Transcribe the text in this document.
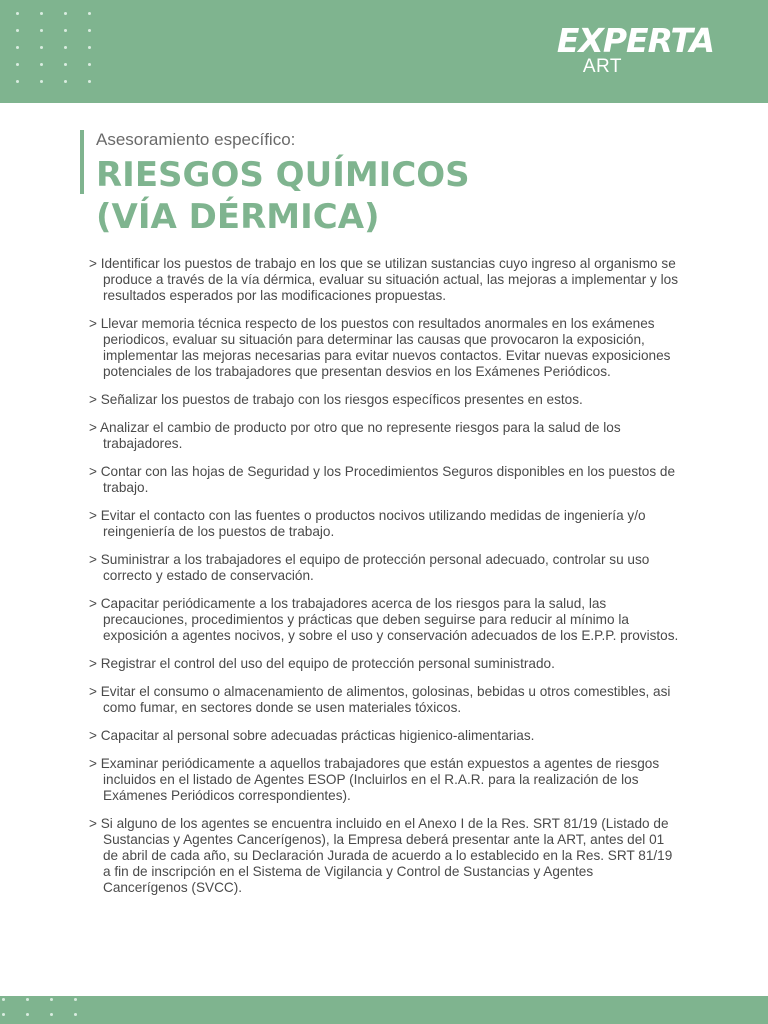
EXPERTA
ART
Asesoramiento específico:
RIESGOS QUÍMICOS
(VÍA DÉRMICA)
> Identificar los puestos de trabajo en los que se utilizan sustancias cuyo ingreso al organismo se produce a través de la vía dérmica, evaluar su situación actual, las mejoras a implementar y los resultados esperados por las modificaciones propuestas.
> Llevar memoria técnica respecto de los puestos con resultados anormales en los exámenes periodicos, evaluar su situación para determinar las causas que provocaron la exposición, implementar las mejoras necesarias para evitar nuevos contactos. Evitar nuevas exposiciones potenciales de los trabajadores que presentan desvios en los Exámenes Periódicos.
> Señalizar los puestos de trabajo con los riesgos específicos presentes en estos.
> Analizar el cambio de producto por otro que no represente riesgos para la salud de los trabajadores.
> Contar con las hojas de Seguridad y los Procedimientos Seguros disponibles en los puestos de trabajo.
> Evitar el contacto con las fuentes o productos nocivos utilizando medidas de ingeniería y/o reingeniería de los puestos de trabajo.
> Suministrar a los trabajadores el equipo de protección personal adecuado, controlar su uso correcto y estado de conservación.
> Capacitar periódicamente a los trabajadores acerca de los riesgos para la salud, las precauciones, procedimientos y prácticas que deben seguirse para reducir al mínimo la exposición a agentes nocivos, y sobre el uso y conservación adecuados de los E.P.P. provistos.
> Registrar el control del uso del equipo de protección personal suministrado.
> Evitar el consumo o almacenamiento de alimentos, golosinas, bebidas u otros comestibles, asi como fumar, en sectores donde se usen materiales tóxicos.
> Capacitar al personal sobre adecuadas prácticas higienico-alimentarias.
> Examinar periódicamente a aquellos trabajadores que están expuestos a agentes de riesgos incluidos en el listado de Agentes ESOP (Incluirlos en el R.A.R. para la realización de los Exámenes Periódicos correspondientes).
> Si alguno de los agentes se encuentra incluido en el Anexo I de la Res. SRT 81/19 (Listado de Sustancias y Agentes Cancerígenos), la Empresa deberá presentar ante la ART, antes del 01 de abril de cada año, su Declaración Jurada de acuerdo a lo establecido en la Res. SRT 81/19 a fin de inscripción en el Sistema de Vigilancia y Control de Sustancias y Agentes Cancerígenos (SVCC).
